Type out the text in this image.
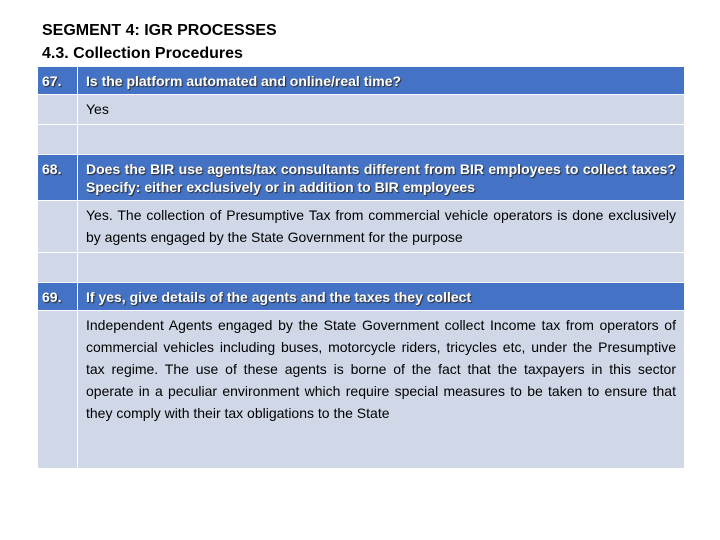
SEGMENT 4: IGR PROCESSES
4.3. Collection Procedures
67.	Is the platform automated and online/real time?
	Yes

68.	Does the BIR use agents/tax consultants different from BIR employees to collect taxes? Specify: either exclusively or in addition to BIR employees
	Yes. The collection of Presumptive Tax from commercial vehicle operators is done exclusively by agents engaged by the State Government for the purpose

69.	If yes, give details of the agents and the taxes they collect
	Independent Agents engaged by the State Government collect Income tax from operators of commercial vehicles including buses, motorcycle riders, tricycles etc, under the Presumptive tax regime. The use of these agents is borne of the fact that the taxpayers in this sector operate in a peculiar environment which require special measures to be taken to ensure that they comply with their tax obligations to the State
